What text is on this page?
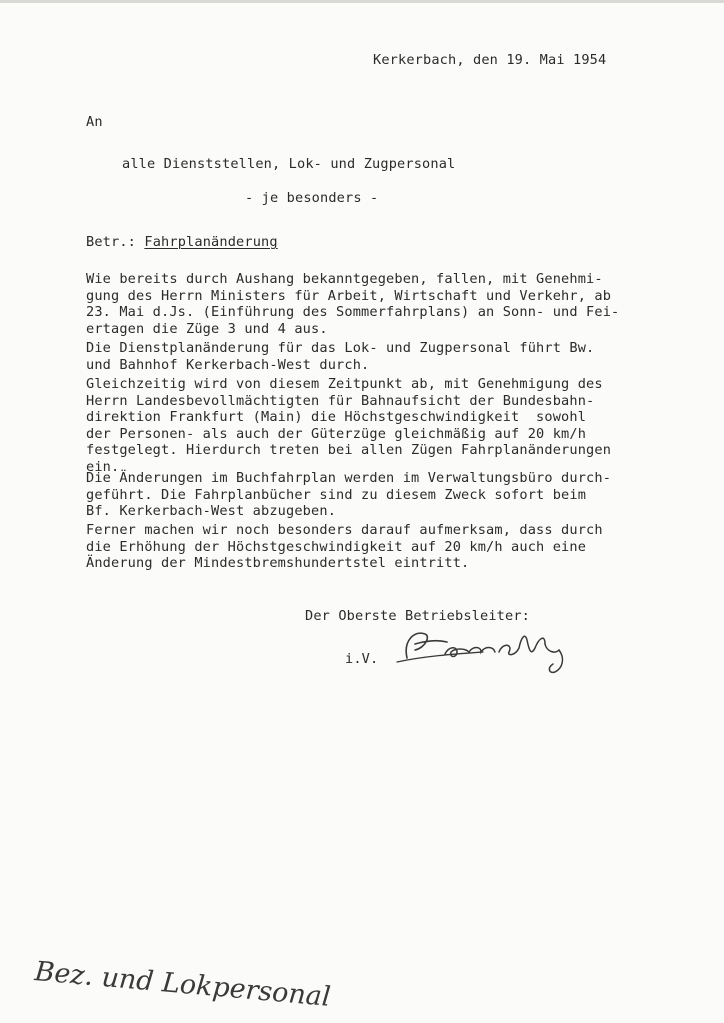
Kerkerbach, den 19. Mai 1954
An
alle Dienststellen, Lok- und Zugpersonal
- je besonders -
Betr.: Fahrplanänderung
Wie bereits durch Aushang bekanntgegeben, fallen, mit Genehmi-
gung des Herrn Ministers für Arbeit, Wirtschaft und Verkehr, ab
23. Mai d.Js. (Einführung des Sommerfahrplans) an Sonn- und Fei-
ertagen die Züge 3 und 4 aus.
Die Dienstplanänderung für das Lok- und Zugpersonal führt Bw.
und Bahnhof Kerkerbach-West durch.
Gleichzeitig wird von diesem Zeitpunkt ab, mit Genehmigung des
Herrn Landesbevollmächtigten für Bahnaufsicht der Bundesbahn-
direktion Frankfurt (Main) die Höchstgeschwindigkeit  sowohl
der Personen- als auch der Güterzüge gleichmäßig auf 20 km/h
festgelegt. Hierdurch treten bei allen Zügen Fahrplanänderungen
ein.
Die Änderungen im Buchfahrplan werden im Verwaltungsbüro durch-
geführt. Die Fahrplanbücher sind zu diesem Zweck sofort beim
Bf. Kerkerbach-West abzugeben.
Ferner machen wir noch besonders darauf aufmerksam, dass durch
die Erhöhung der Höchstgeschwindigkeit auf 20 km/h auch eine
Änderung der Mindestbremshundertstel eintritt.
Der Oberste Betriebsleiter:
i.V.
Bez. und Lokpersonal
